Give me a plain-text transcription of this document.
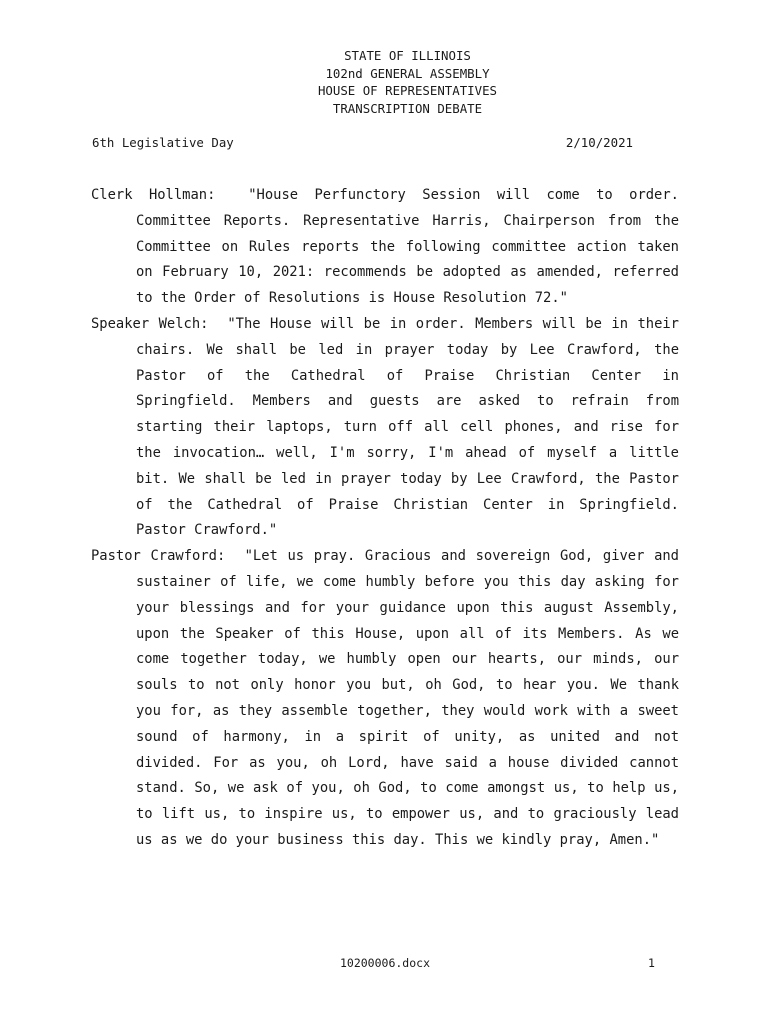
STATE OF ILLINOIS
102nd GENERAL ASSEMBLY
HOUSE OF REPRESENTATIVES
TRANSCRIPTION DEBATE
6th Legislative Day	2/10/2021

Clerk Hollman: "House Perfunctory Session will come to order. Committee Reports. Representative Harris, Chairperson from the Committee on Rules reports the following committee action taken on February 10, 2021: recommends be adopted as amended, referred to the Order of Resolutions is House Resolution 72."

Speaker Welch: "The House will be in order. Members will be in their chairs. We shall be led in prayer today by Lee Crawford, the Pastor of the Cathedral of Praise Christian Center in Springfield. Members and guests are asked to refrain from starting their laptops, turn off all cell phones, and rise for the invocation… well, I'm sorry, I'm ahead of myself a little bit. We shall be led in prayer today by Lee Crawford, the Pastor of the Cathedral of Praise Christian Center in Springfield. Pastor Crawford."

Pastor Crawford: "Let us pray. Gracious and sovereign God, giver and sustainer of life, we come humbly before you this day asking for your blessings and for your guidance upon this august Assembly, upon the Speaker of this House, upon all of its Members. As we come together today, we humbly open our hearts, our minds, our souls to not only honor you but, oh God, to hear you. We thank you for, as they assemble together, they would work with a sweet sound of harmony, in a spirit of unity, as united and not divided. For as you, oh Lord, have said a house divided cannot stand. So, we ask of you, oh God, to come amongst us, to help us, to lift us, to inspire us, to empower us, and to graciously lead us as we do your business this day. This we kindly pray, Amen."

10200006.docx	1
